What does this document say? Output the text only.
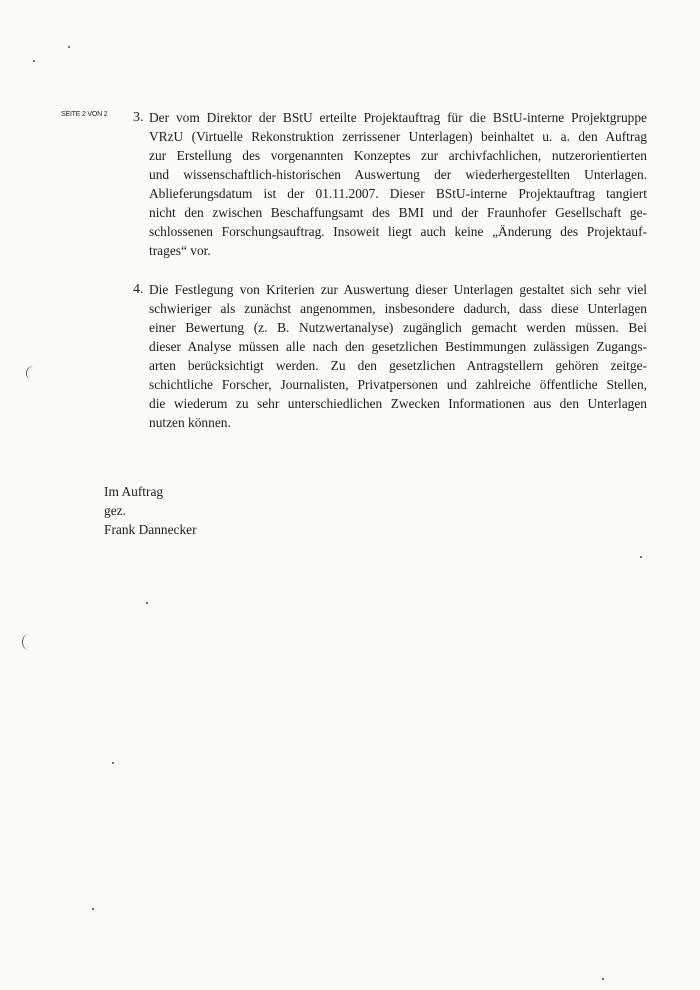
SEITE 2 VON 2 3. Der vom Direktor der BStU erteilte Projektauftrag für die BStU-interne Projektgruppe
VRzU (Virtuelle Rekonstruktion zerrissener Unterlagen) beinhaltet u. a. den Auftrag
zur Erstellung des vorgenannten Konzeptes zur archivfachlichen, nutzerorientierten
und wissenschaftlich-historischen Auswertung der wiederhergestellten Unterlagen.
Ablieferungsdatum ist der 01.11.2007. Dieser BStU-interne Projektauftrag tangiert
nicht den zwischen Beschaffungsamt des BMI und der Fraunhofer Gesellschaft ge-
schlossenen Forschungsauftrag. Insoweit liegt auch keine „Änderung des Projektauf-
trages“ vor.
4. Die Festlegung von Kriterien zur Auswertung dieser Unterlagen gestaltet sich sehr viel
schwieriger als zunächst angenommen, insbesondere dadurch, dass diese Unterlagen
einer Bewertung (z. B. Nutzwertanalyse) zugänglich gemacht werden müssen. Bei
dieser Analyse müssen alle nach den gesetzlichen Bestimmungen zulässigen Zugangs-
arten berücksichtigt werden. Zu den gesetzlichen Antragstellern gehören zeitge-
schichtliche Forscher, Journalisten, Privatpersonen und zahlreiche öffentliche Stellen,
die wiederum zu sehr unterschiedlichen Zwecken Informationen aus den Unterlagen
nutzen können.
Im Auftrag
gez.
Frank Dannecker
